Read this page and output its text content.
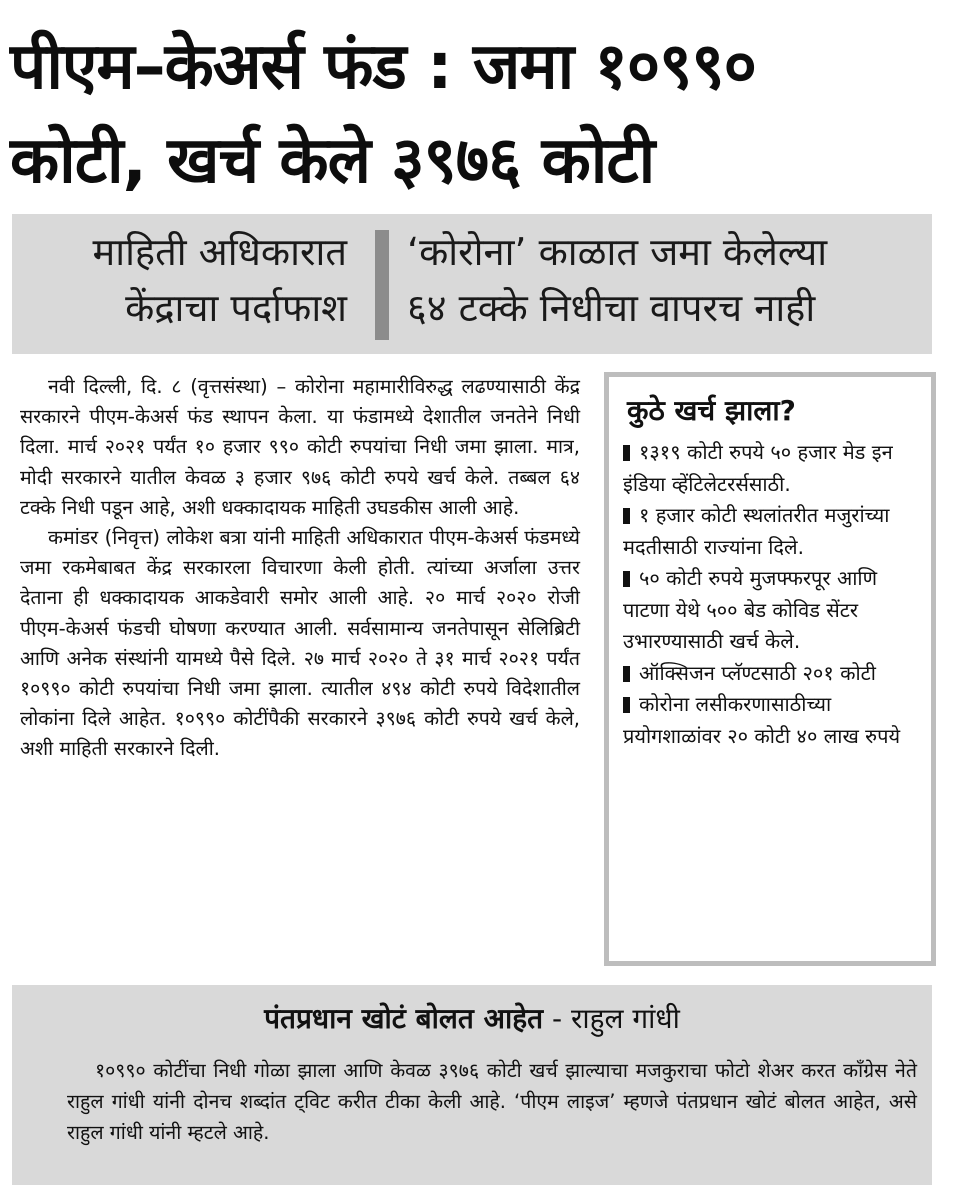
पीएम–केअर्स फंड : जमा १०९९०
कोटी, खर्च केले ३९७६ कोटी
माहिती अधिकारात
केंद्राचा पर्दाफाश
‘कोरोना’ काळात जमा केलेल्या
६४ टक्के निधीचा वापरच नाही

नवी दिल्ली, दि. ८ (वृत्तसंस्था) – कोरोना महामारीविरुद्ध लढण्यासाठी केंद्र सरकारने पीएम-केअर्स फंड स्थापन केला. या फंडामध्ये देशातील जनतेने निधी दिला. मार्च २०२१ पर्यंत १० हजार ९९० कोटी रुपयांचा निधी जमा झाला. मात्र, मोदी सरकारने यातील केवळ ३ हजार ९७६ कोटी रुपये खर्च केले. तब्बल ६४ टक्के निधी पडून आहे, अशी धक्कादायक माहिती उघडकीस आली आहे.

कमांडर (निवृत्त) लोकेश बत्रा यांनी माहिती अधिकारात पीएम-केअर्स फंडमध्ये जमा रकमेबाबत केंद्र सरकारला विचारणा केली होती. त्यांच्या अर्जाला उत्तर देताना ही धक्कादायक आकडेवारी समोर आली आहे. २० मार्च २०२० रोजी पीएम-केअर्स फंडची घोषणा करण्यात आली. सर्वसामान्य जनतेपासून सेलिब्रिटी आणि अनेक संस्थांनी यामध्ये पैसे दिले. २७ मार्च २०२० ते ३१ मार्च २०२१ पर्यंत १०९९० कोटी रुपयांचा निधी जमा झाला. त्यातील ४९४ कोटी रुपये विदेशातील लोकांना दिले आहेत. १०९९० कोटींपैकी सरकारने ३९७६ कोटी रुपये खर्च केले, अशी माहिती सरकारने दिली.

कुठे खर्च झाला?

१३१९ कोटी रुपये ५० हजार मेड इन इंडिया व्हेंटिलेटरर्ससाठी.

१ हजार कोटी स्थलांतरीत मजुरांच्या मदतीसाठी राज्यांना दिले.

५० कोटी रुपये मुजफ्फरपूर आणि पाटणा येथे ५०० बेड कोविड सेंटर उभारण्यासाठी खर्च केले.

ऑक्सिजन प्लॅण्टसाठी २०१ कोटी

कोरोना लसीकरणासाठीच्या प्रयोगशाळांवर २० कोटी ४० लाख रुपये

पंतप्रधान खोटं बोलत आहेत - राहुल गांधी

१०९९० कोटींचा निधी गोळा झाला आणि केवळ ३९७६ कोटी खर्च झाल्याचा मजकुराचा फोटो शेअर करत काँग्रेस नेते राहुल गांधी यांनी दोनच शब्दांत ट्विट करीत टीका केली आहे. ‘पीएम लाइज’ म्हणजे पंतप्रधान खोटं बोलत आहेत, असे राहुल गांधी यांनी म्हटले आहे.
